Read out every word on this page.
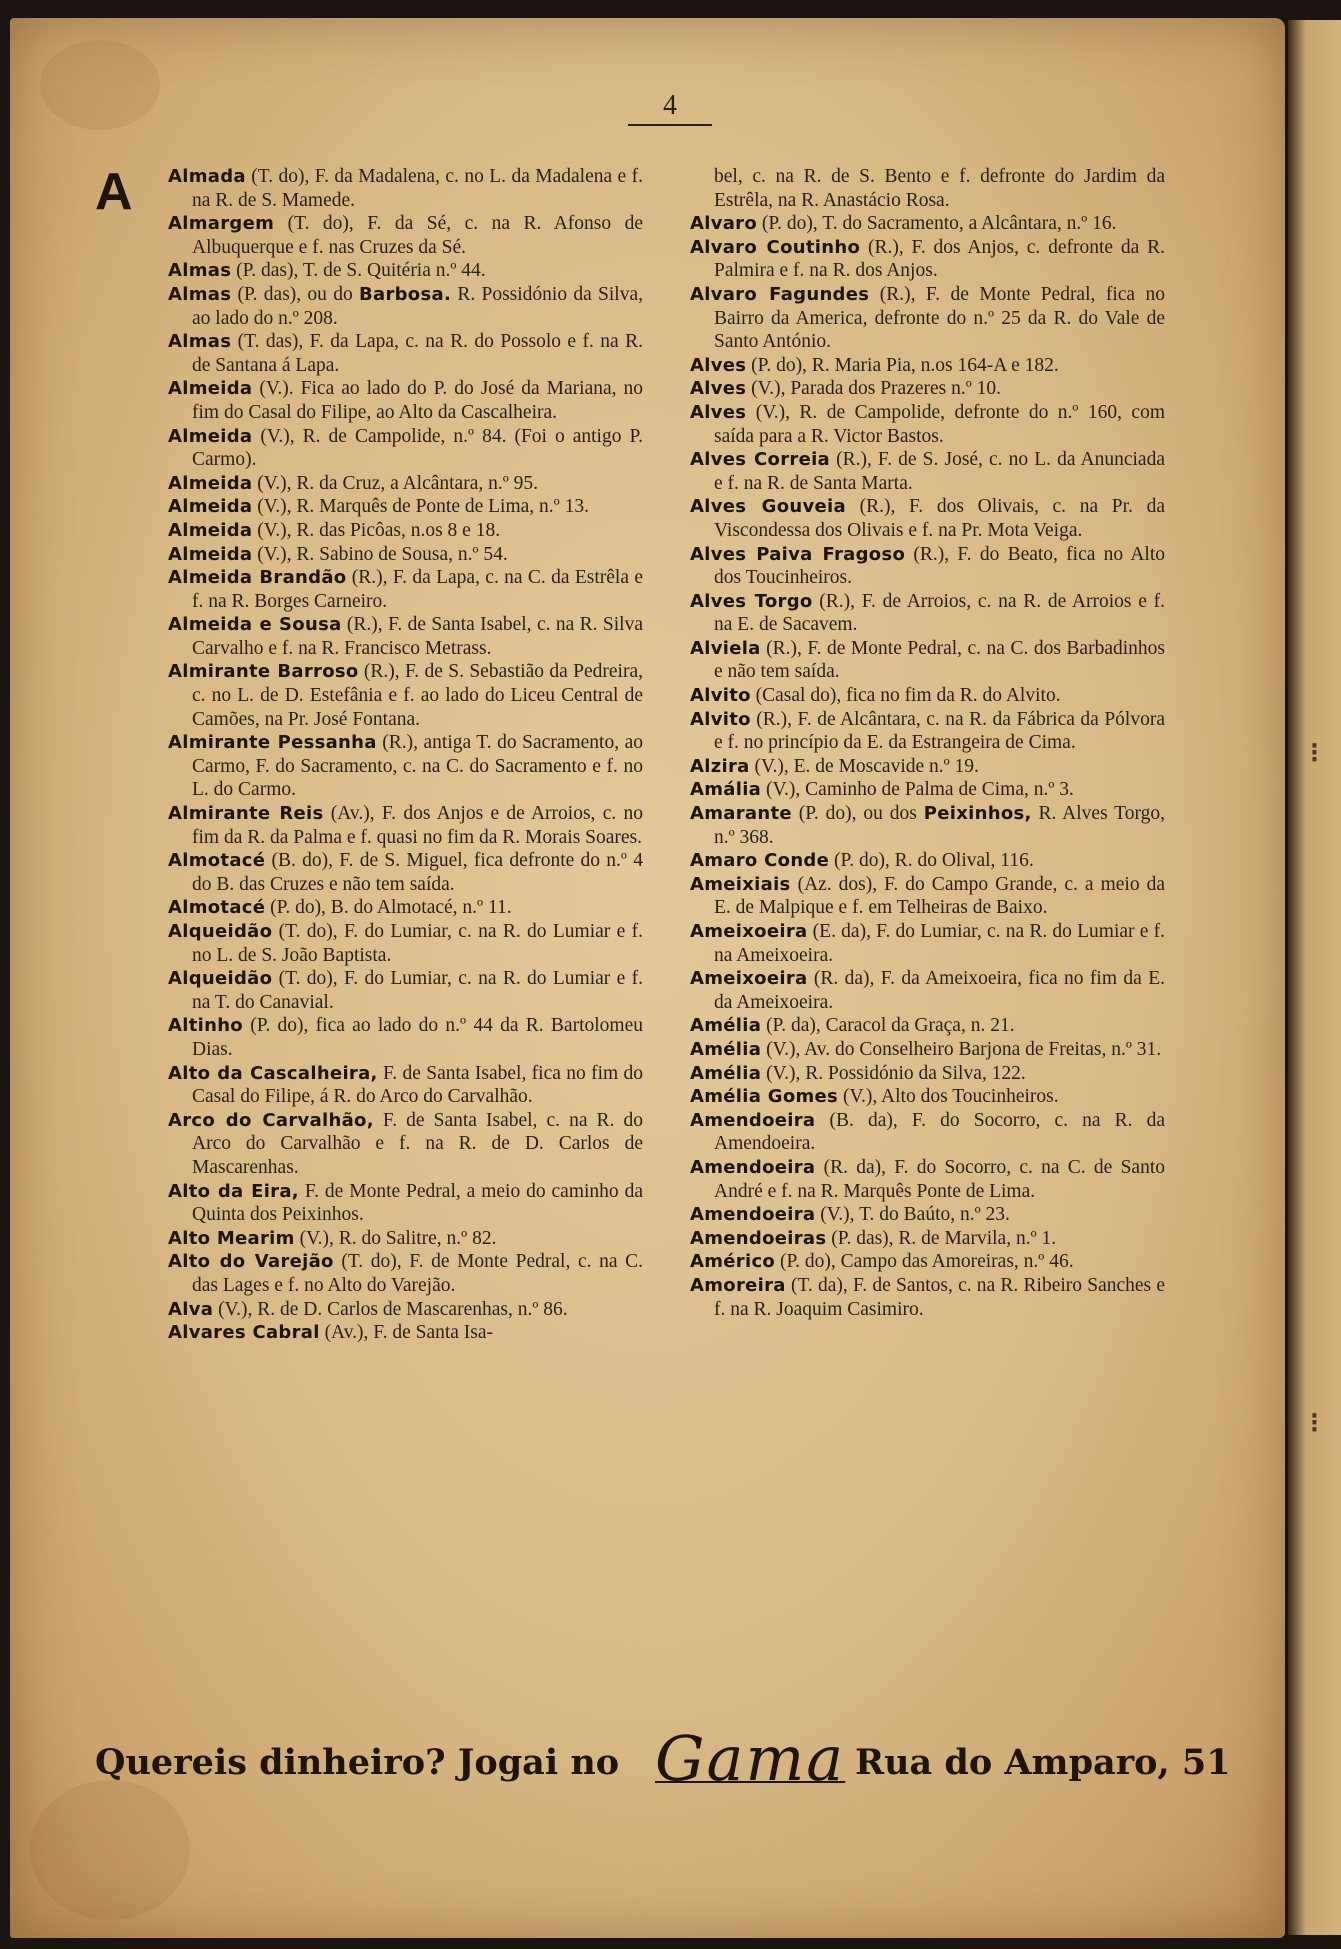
⁝
⁝
4
A Almada (T. do), F. da Madalena, c. no L. da Madalena e f. na R. de S. Mamede.

Almargem (T. do), F. da Sé, c. na R. Afonso de Albuquerque e f. nas Cruzes da Sé.

Almas (P. das), T. de S. Quitéria n.º 44.

Almas (P. das), ou do Barbosa. R. Possidónio da Silva, ao lado do n.º 208.

Almas (T. das), F. da Lapa, c. na R. do Possolo e f. na R. de Santana á Lapa.

Almeida (V.). Fica ao lado do P. do José da Mariana, no fim do Casal do Filipe, ao Alto da Cascalheira.

Almeida (V.), R. de Campolide, n.º 84. (Foi o antigo P. Carmo).

Almeida (V.), R. da Cruz, a Alcântara, n.º 95.

Almeida (V.), R. Marquês de Ponte de Lima, n.º 13.

Almeida (V.), R. das Picôas, n.os 8 e 18.

Almeida (V.), R. Sabino de Sousa, n.º 54.

Almeida Brandão (R.), F. da Lapa, c. na C. da Estrêla e f. na R. Borges Carneiro.

Almeida e Sousa (R.), F. de Santa Isabel, c. na R. Silva Carvalho e f. na R. Francisco Metrass.

Almirante Barroso (R.), F. de S. Sebastião da Pedreira, c. no L. de D. Estefânia e f. ao lado do Liceu Central de Camões, na Pr. José Fontana.

Almirante Pessanha (R.), antiga T. do Sacramento, ao Carmo, F. do Sacramento, c. na C. do Sacramento e f. no L. do Carmo.

Almirante Reis (Av.), F. dos Anjos e de Arroios, c. no fim da R. da Palma e f. quasi no fim da R. Morais Soares.

Almotacé (B. do), F. de S. Miguel, fica defronte do n.º 4 do B. das Cruzes e não tem saída.

Almotacé (P. do), B. do Almotacé, n.º 11.

Alqueidão (T. do), F. do Lumiar, c. na R. do Lumiar e f. no L. de S. João Baptista.

Alqueidão (T. do), F. do Lumiar, c. na R. do Lumiar e f. na T. do Canavial.

Altinho (P. do), fica ao lado do n.º 44 da R. Bartolomeu Dias.

Alto da Cascalheira, F. de Santa Isabel, fica no fim do Casal do Filipe, á R. do Arco do Carvalhão.

Arco do Carvalhão, F. de Santa Isabel, c. na R. do Arco do Carvalhão e f. na R. de D. Carlos de Mascarenhas.

Alto da Eira, F. de Monte Pedral, a meio do caminho da Quinta dos Peixinhos.

Alto Mearim (V.), R. do Salitre, n.º 82.

Alto do Varejão (T. do), F. de Monte Pedral, c. na C. das Lages e f. no Alto do Varejão.

Alva (V.), R. de D. Carlos de Mascarenhas, n.º 86.

Alvares Cabral (Av.), F. de Santa Isa-

bel, c. na R. de S. Bento e f. defronte do Jardim da Estrêla, na R. Anastácio Rosa.

Alvaro (P. do), T. do Sacramento, a Alcântara, n.º 16.

Alvaro Coutinho (R.), F. dos Anjos, c. defronte da R. Palmira e f. na R. dos Anjos.

Alvaro Fagundes (R.), F. de Monte Pedral, fica no Bairro da America, defronte do n.º 25 da R. do Vale de Santo António.

Alves (P. do), R. Maria Pia, n.os 164-A e 182.

Alves (V.), Parada dos Prazeres n.º 10.

Alves (V.), R. de Campolide, defronte do n.º 160, com saída para a R. Victor Bastos.

Alves Correia (R.), F. de S. José, c. no L. da Anunciada e f. na R. de Santa Marta.

Alves Gouveia (R.), F. dos Olivais, c. na Pr. da Viscondessa dos Olivais e f. na Pr. Mota Veiga.

Alves Paiva Fragoso (R.), F. do Beato, fica no Alto dos Toucinheiros.

Alves Torgo (R.), F. de Arroios, c. na R. de Arroios e f. na E. de Sacavem.

Alviela (R.), F. de Monte Pedral, c. na C. dos Barbadinhos e não tem saída.

Alvito (Casal do), fica no fim da R. do Alvito.

Alvito (R.), F. de Alcântara, c. na R. da Fábrica da Pólvora e f. no princípio da E. da Estrangeira de Cima.

Alzira (V.), E. de Moscavide n.º 19.

Amália (V.), Caminho de Palma de Cima, n.º 3.

Amarante (P. do), ou dos Peixinhos, R. Alves Torgo, n.º 368.

Amaro Conde (P. do), R. do Olival, 116.

Ameixiais (Az. dos), F. do Campo Grande, c. a meio da E. de Malpique e f. em Telheiras de Baixo.

Ameixoeira (E. da), F. do Lumiar, c. na R. do Lumiar e f. na Ameixoeira.

Ameixoeira (R. da), F. da Ameixoeira, fica no fim da E. da Ameixoeira.

Amélia (P. da), Caracol da Graça, n. 21.

Amélia (V.), Av. do Conselheiro Barjona de Freitas, n.º 31.

Amélia (V.), R. Possidónio da Silva, 122.

Amélia Gomes (V.), Alto dos Toucinheiros.

Amendoeira (B. da), F. do Socorro, c. na R. da Amendoeira.

Amendoeira (R. da), F. do Socorro, c. na C. de Santo André e f. na R. Marquês Ponte de Lima.

Amendoeira (V.), T. do Baúto, n.º 23.

Amendoeiras (P. das), R. de Marvila, n.º 1.

Américo (P. do), Campo das Amoreiras, n.º 46.

Amoreira (T. da), F. de Santos, c. na R. Ribeiro Sanches e f. na R. Joaquim Casimiro.

Quereis dinheiro? Jogai no Gama Rua do Amparo, 51
